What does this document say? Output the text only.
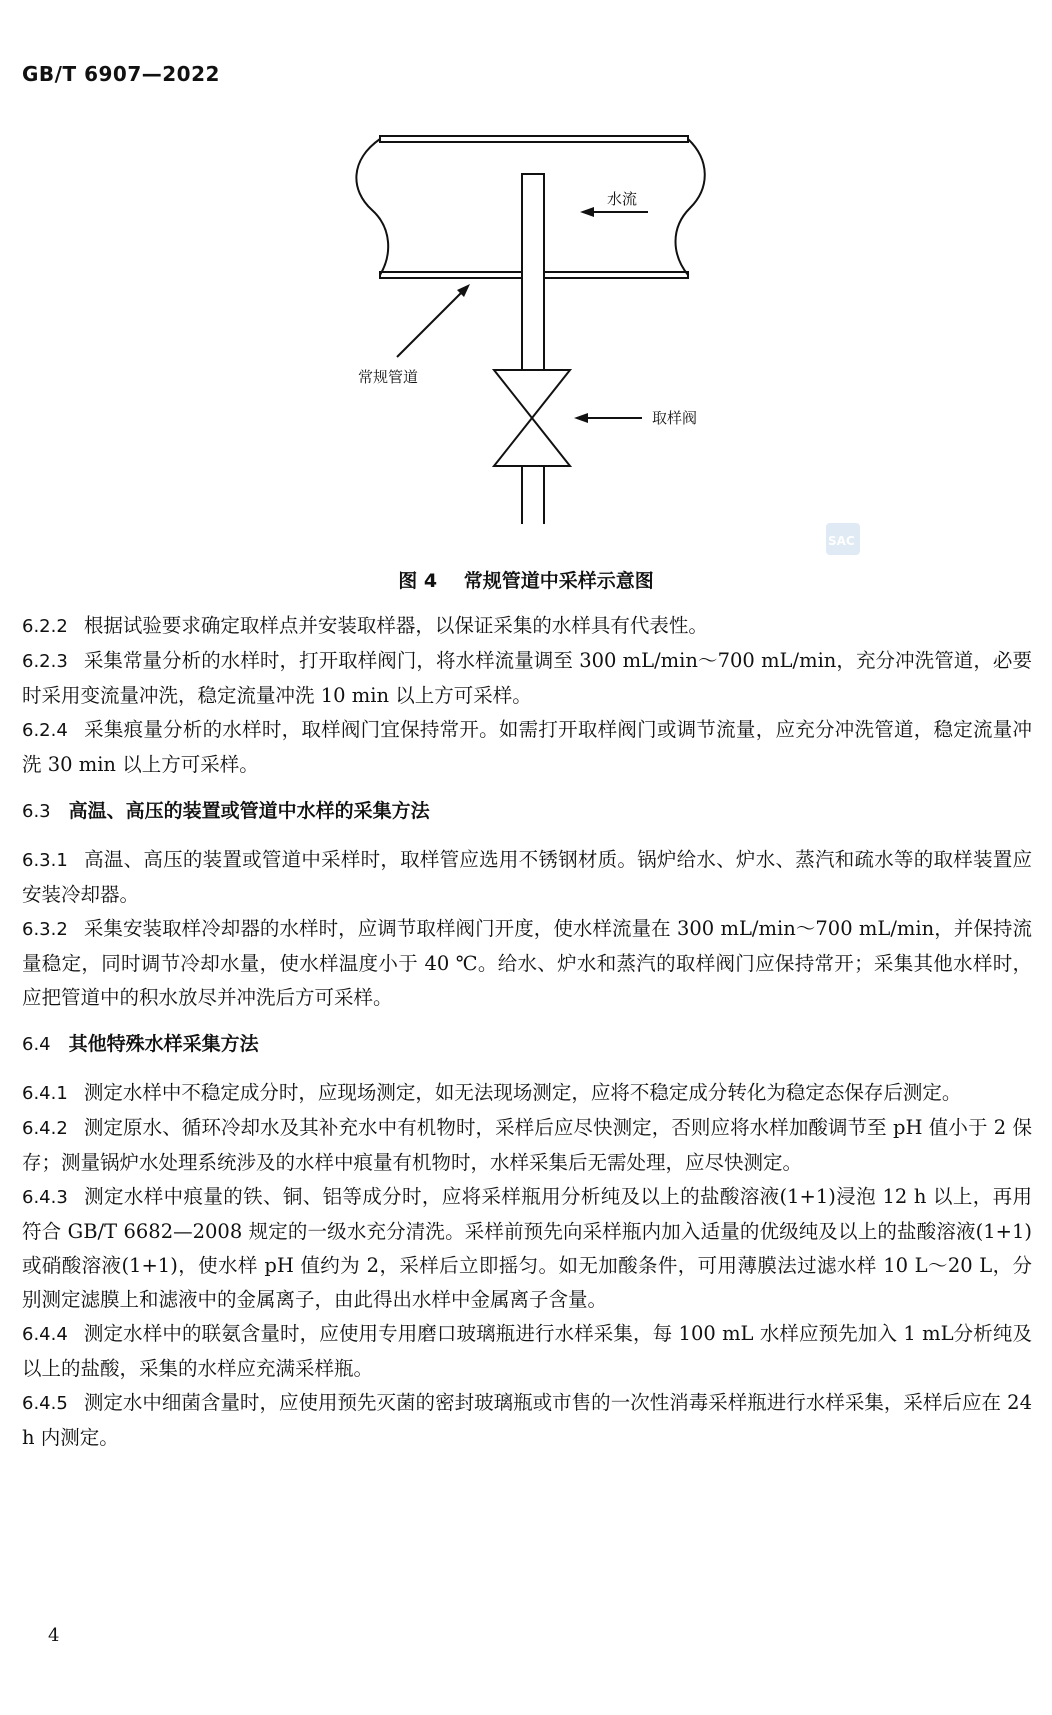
GB/T 6907—2022
水流
常规管道
取样阀
SAC
图 4 常规管道中采样示意图

6.2.2 根据试验要求确定取样点并安装取样器，以保证采集的水样具有代表性。

6.2.3 采集常量分析的水样时，打开取样阀门，将水样流量调至 300 mL/min～700 mL/min，充分冲洗管道，必要时采用变流量冲洗，稳定流量冲洗 10 min 以上方可采样。

6.2.4 采集痕量分析的水样时，取样阀门宜保持常开。如需打开取样阀门或调节流量，应充分冲洗管道，稳定流量冲洗 30 min 以上方可采样。

6.3 高温、高压的装置或管道中水样的采集方法

6.3.1 高温、高压的装置或管道中采样时，取样管应选用不锈钢材质。锅炉给水、炉水、蒸汽和疏水等的取样装置应安装冷却器。

6.3.2 采集安装取样冷却器的水样时，应调节取样阀门开度，使水样流量在 300 mL/min～700 mL/min，并保持流量稳定，同时调节冷却水量，使水样温度小于 40 ℃。给水、炉水和蒸汽的取样阀门应保持常开；采集其他水样时，应把管道中的积水放尽并冲洗后方可采样。

6.4 其他特殊水样采集方法

6.4.1 测定水样中不稳定成分时，应现场测定，如无法现场测定，应将不稳定成分转化为稳定态保存后测定。

6.4.2 测定原水、循环冷却水及其补充水中有机物时，采样后应尽快测定，否则应将水样加酸调节至 pH 值小于 2 保存；测量锅炉水处理系统涉及的水样中痕量有机物时，水样采集后无需处理，应尽快测定。

6.4.3 测定水样中痕量的铁、铜、铝等成分时，应将采样瓶用分析纯及以上的盐酸溶液(1+1)浸泡 12 h 以上，再用符合 GB/T 6682—2008 规定的一级水充分清洗。采样前预先向采样瓶内加入适量的优级纯及以上的盐酸溶液(1+1)或硝酸溶液(1+1)，使水样 pH 值约为 2，采样后立即摇匀。如无加酸条件，可用薄膜法过滤水样 10 L～20 L，分别测定滤膜上和滤液中的金属离子，由此得出水样中金属离子含量。

6.4.4 测定水样中的联氨含量时，应使用专用磨口玻璃瓶进行水样采集，每 100 mL 水样应预先加入 1 mL分析纯及以上的盐酸，采集的水样应充满采样瓶。

6.4.5 测定水中细菌含量时，应使用预先灭菌的密封玻璃瓶或市售的一次性消毒采样瓶进行水样采集，采样后应在 24 h 内测定。

4
